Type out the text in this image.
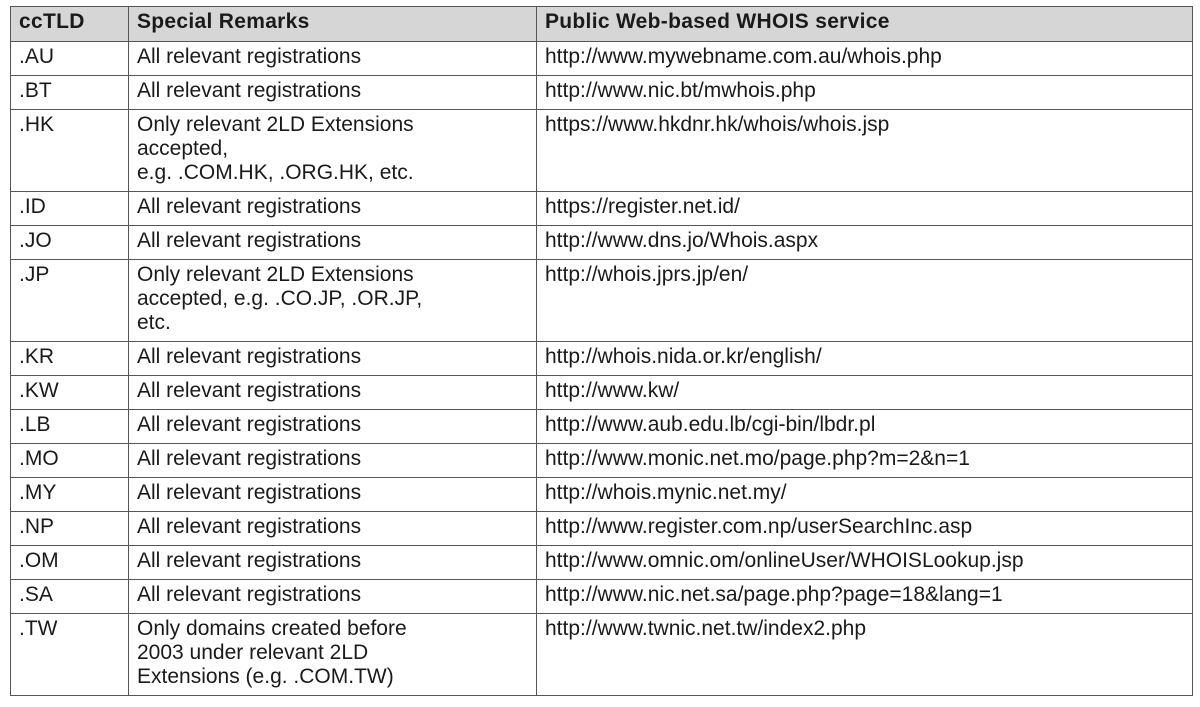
ccTLD	Special Remarks	Public Web-based WHOIS service
.AU	All relevant registrations	http://www.mywebname.com.au/whois.php
.BT	All relevant registrations	http://www.nic.bt/mwhois.php
.HK	Only relevant 2LD Extensions
accepted,
e.g. .COM.HK, .ORG.HK, etc.	https://www.hkdnr.hk/whois/whois.jsp
.ID	All relevant registrations	https://register.net.id/
.JO	All relevant registrations	http://www.dns.jo/Whois.aspx
.JP	Only relevant 2LD Extensions
accepted, e.g. .CO.JP, .OR.JP,
etc.	http://whois.jprs.jp/en/
.KR	All relevant registrations	http://whois.nida.or.kr/english/
.KW	All relevant registrations	http://www.kw/
.LB	All relevant registrations	http://www.aub.edu.lb/cgi-bin/lbdr.pl
.MO	All relevant registrations	http://www.monic.net.mo/page.php?m=2&n=1
.MY	All relevant registrations	http://whois.mynic.net.my/
.NP	All relevant registrations	http://www.register.com.np/userSearchInc.asp
.OM	All relevant registrations	http://www.omnic.om/onlineUser/WHOISLookup.jsp
.SA	All relevant registrations	http://www.nic.net.sa/page.php?page=18&lang=1
.TW	Only domains created before
2003 under relevant 2LD
Extensions (e.g. .COM.TW)	http://www.twnic.net.tw/index2.php
